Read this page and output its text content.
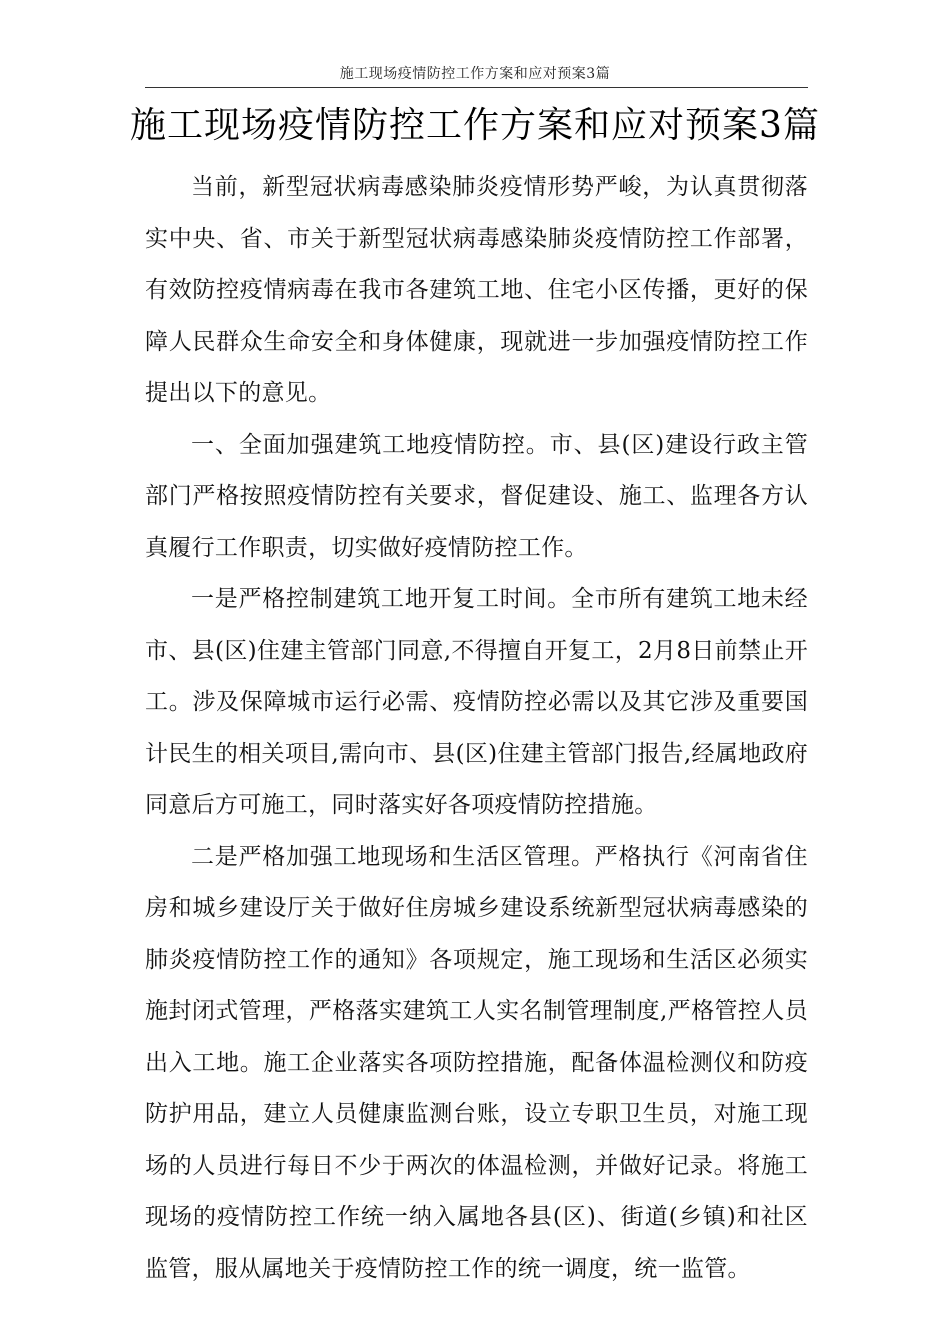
施工现场疫情防控工作方案和应对预案3篇
施工现场疫情防控工作方案和应对预案3篇

当前，新型冠状病毒感染肺炎疫情形势严峻，为认真贯彻落实中央、省、市关于新型冠状病毒感染肺炎疫情防控工作部署，有效防控疫情病毒在我市各建筑工地、住宅小区传播，更好的保障人民群众生命安全和身体健康，现就进一步加强疫情防控工作提出以下的意见。

一、全面加强建筑工地疫情防控。市、县(区)建设行政主管部门严格按照疫情防控有关要求，督促建设、施工、监理各方认真履行工作职责，切实做好疫情防控工作。

一是严格控制建筑工地开复工时间。全市所有建筑工地未经市、县(区)住建主管部门同意,不得擅自开复工，2月8日前禁止开工。涉及保障城市运行必需、疫情防控必需以及其它涉及重要国计民生的相关项目,需向市、县(区)住建主管部门报告,经属地政府同意后方可施工，同时落实好各项疫情防控措施。

二是严格加强工地现场和生活区管理。严格执行《河南省住房和城乡建设厅关于做好住房城乡建设系统新型冠状病毒感染的肺炎疫情防控工作的通知》各项规定，施工现场和生活区必须实施封闭式管理，严格落实建筑工人实名制管理制度,严格管控人员出入工地。施工企业落实各项防控措施，配备体温检测仪和防疫防护用品，建立人员健康监测台账，设立专职卫生员，对施工现场的人员进行每日不少于两次的体温检测，并做好记录。将施工现场的疫情防控工作统一纳入属地各县(区)、街道(乡镇)和社区监管，服从属地关于疫情防控工作的统一调度，统一监管。
